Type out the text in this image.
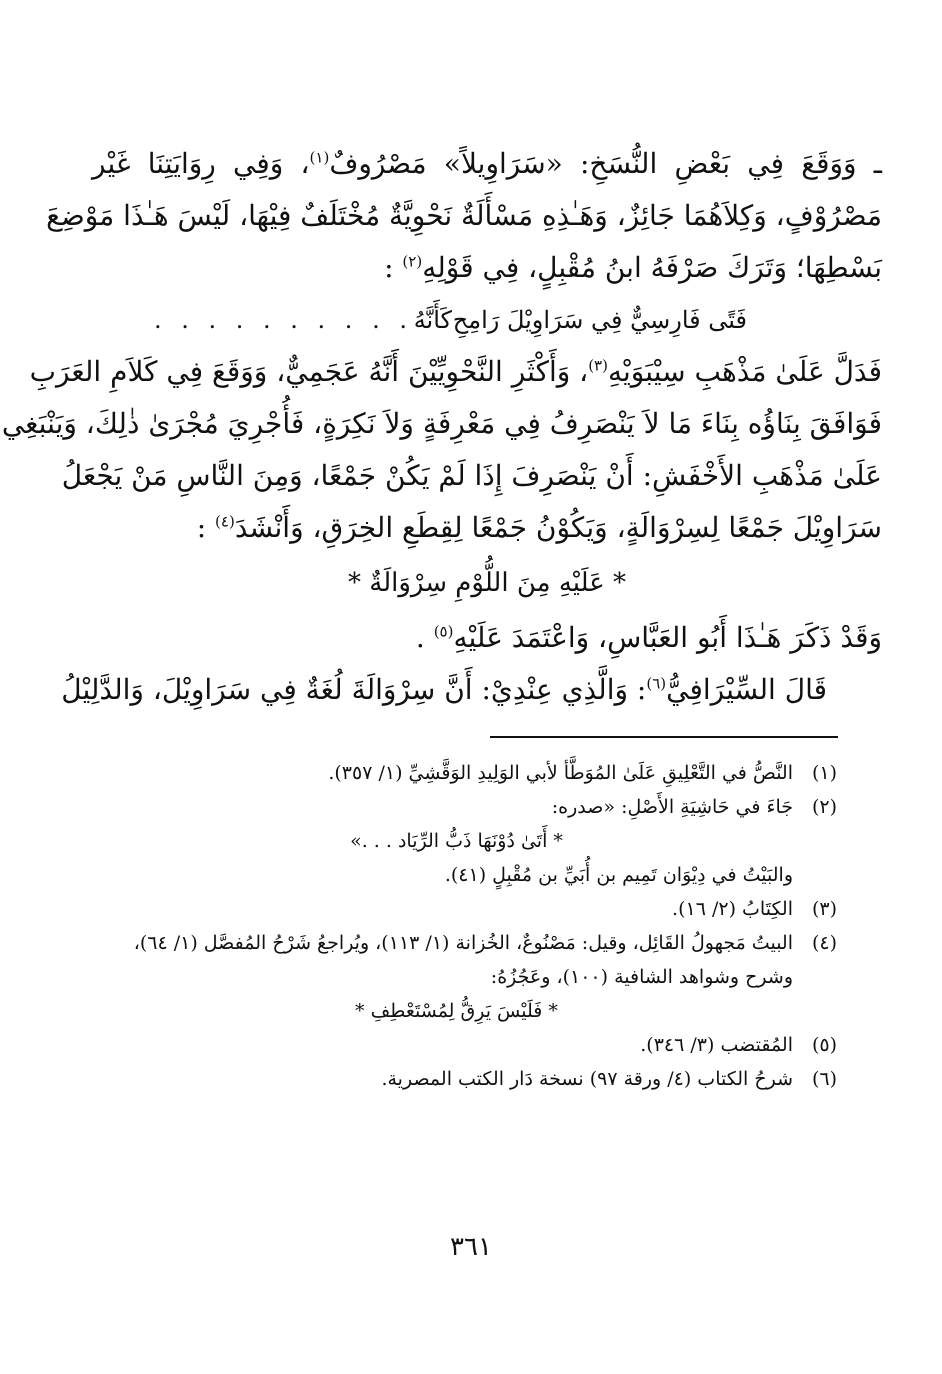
ـ وَوَقَعَ فِي بَعْضِ النُّسَخِ: «سَرَاوِيلاً» مَصْرُوفٌ$^{(١)}$، وَفِي رِوَايَتِنَا غَيْر
مَصْرُوْفٍ، وَكِلاَهُمَا جَائِزٌ، وَهَـٰذِهِ مَسْأَلَةٌ نَحْوِيَّةٌ مُخْتَلَفٌ فِيْهَا، لَيْسَ هَـٰذَا مَوْضِعَ
بَسْطِهَا؛ وَتَرَكَ صَرْفَهُ ابنُ مُقْبِلٍ، فِي قَوْلِهِ$^{(٢)}$ :
فَتًى فَارِسِيٌّ فِي سَرَاوِيْلَ رَامِحِ
كَأَنَّهُ
. . . . . . . . . .
فَدَلَّ عَلَىٰ مَذْهَبِ سِيْبَوَيْهِ$^{(٣)}$، وَأَكْثَرِ النَّحْوِيِّيْنَ أَنَّهُ عَجَمِيٌّ، وَوَقَعَ فِي كَلاَمِ العَرَبِ
فَوَافَقَ بِنَاؤُه بِنَاءَ مَا لاَ يَنْصَرِفُ فِي مَعْرِفَةٍ وَلاَ نَكِرَةٍ، فَأُجْرِيَ مُجْرَىٰ ذٰلِكَ، وَيَنْبَغِي
عَلَىٰ مَذْهَبِ الأَخْفَشِ: أَنْ يَنْصَرِفَ إِذَا لَمْ يَكُنْ جَمْعًا، وَمِنَ النَّاسِ مَنْ يَجْعَلُ
سَرَاوِيْلَ جَمْعًا لِسِرْوَالَةٍ، وَيَكُوْنُ جَمْعًا لِقِطَعِ الخِرَقِ، وَأَنْشَدَ$^{(٤)}$ :
* عَلَيْهِ مِنَ اللُّوْمِ سِرْوَالَةٌ *
وَقَدْ ذَكَرَ هَـٰذَا أَبُو العَبَّاسِ، وَاعْتَمَدَ عَلَيْهِ$^{(٥)}$ .
قَالَ السِّيْرَافِيُّ$^{(٦)}$: وَالَّذِي عِنْدِيْ: أَنَّ سِرْوَالَةَ لُغَةٌ فِي سَرَاوِيْلَ، وَالدَّلِيْلُ
(١)
النَّصُّ في التَّعْلِيقِ عَلَىٰ المُوَطَّأ لأبي الوَلِيدِ الوَقَّشِيِّ (١/ ٣٥٧).
(٢)
جَاءَ في حَاشِيَةِ الأَصْلِ: «صدره:
* أَتَىٰ دُوْنَهَا ذَبُّ الرِّيَاد . . .»
والبَيْتُ في دِيْوَان تَمِيم بن أُبَيِّ بن مُقْبِلٍ (٤١).
(٣)
الكِتَابُ (٢/ ١٦).
(٤)
البيتُ مَجهولُ القَائِل، وقيل: مَصْنُوعٌ، الخُزانة (١/ ١١٣)، ويُراجعُ شَرْحُ المُفصَّل (١/ ٦٤)،
وشرح وشواهد الشافية (١٠٠)، وعَجُزُهُ:
* فَلَيْسَ يَرِقُّ لِمُسْتَعْطِفِ *
(٥)
المُقتضب (٣/ ٣٤٦).
(٦)
شرحُ الكتاب (٤/ ورقة ٩٧) نسخة دَار الكتب المصرية.
٣٦١
